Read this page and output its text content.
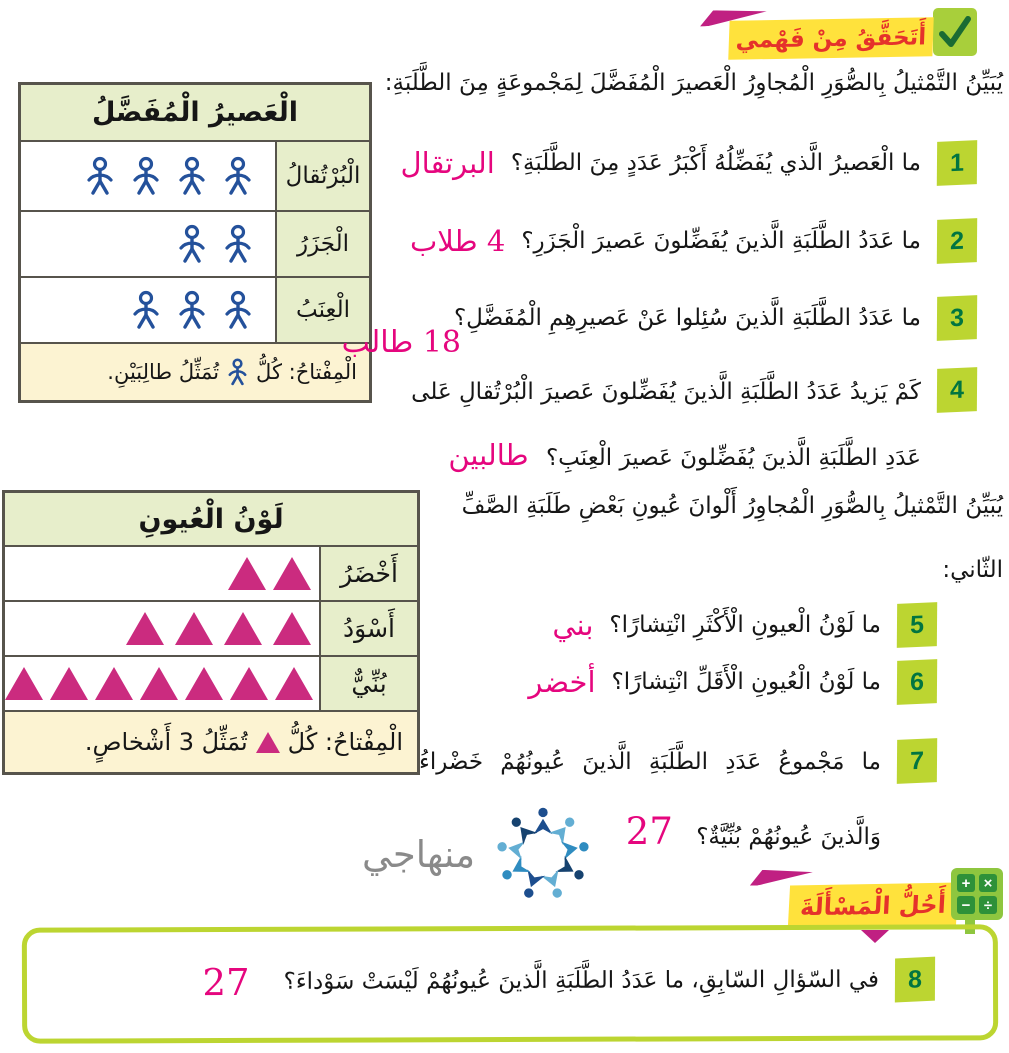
أَتَحَقَّقُ مِنْ فَهْمي
يُبَيِّنُ التَّمْثيلُ بِالصُّوَرِ الْمُجاوِرُ الْعَصيرَ الْمُفَضَّلَ لِمَجْموعَةٍ مِنَ الطَّلَبَةِ:
الْعَصيرُ الْمُفَضَّلُ
الْبُرْتُقالُ
الْجَزَرُ
الْعِنَبُ
الْمِفْتاحُ: كُلُّ
تُمَثِّلُ طالِبَيْنِ.
1
ما الْعَصيرُ الَّذي يُفَضِّلُهُ أَكْبَرُ عَدَدٍ مِنَ الطَّلَبَةِ؟
البرتقال
2
ما عَدَدُ الطَّلَبَةِ الَّذينَ يُفَضِّلونَ عَصيرَ الْجَزَرِ؟
4 طلاب
3
ما عَدَدُ الطَّلَبَةِ الَّذينَ سُئِلوا عَنْ عَصيرِهِمِ الْمُفَضَّلِ؟
18 طالب
4
كَمْ يَزيدُ عَدَدُ الطَّلَبَةِ الَّذينَ يُفَضِّلونَ عَصيرَ الْبُرْتُقالِ عَلى عَدَدِ الطَّلَبَةِ الَّذينَ يُفَضِّلونَ عَصيرَ الْعِنَبِ؟ طالبين
يُبَيِّنُ التَّمْثيلُ بِالصُّوَرِ الْمُجاوِرُ أَلْوانَ عُيونِ بَعْضِ طَلَبَةِ الصَّفِّ الثّاني:
لَوْنُ الْعُيونِ
أَخْضَرُ
أَسْوَدُ
بُنِّيٌّ
الْمِفْتاحُ: كُلُّ
تُمَثِّلُ 3 أَشْخاصٍ.
5
ما لَوْنُ الْعيونِ الْأَكْثَرِ انْتِشارًا؟
بني
6
ما لَوْنُ الْعُيونِ الْأَقَلِّ انْتِشارًا؟
أخضر
7
ما مَجْموعُ عَدَدِ الطَّلَبَةِ الَّذينَ عُيونُهُمْ خَضْراءُ وَالَّذينَ عُيونُهُمْ بُنِّيَّةٌ؟ 27
منهاجي
أَحُلُّ الْمَسْأَلَةَ
+ ×
− ÷
8
في السّؤالِ السّابِقِ، ما عَدَدُ الطَّلَبَةِ الَّذينَ عُيونُهُمْ لَيْسَتْ سَوْداءَ؟
27
